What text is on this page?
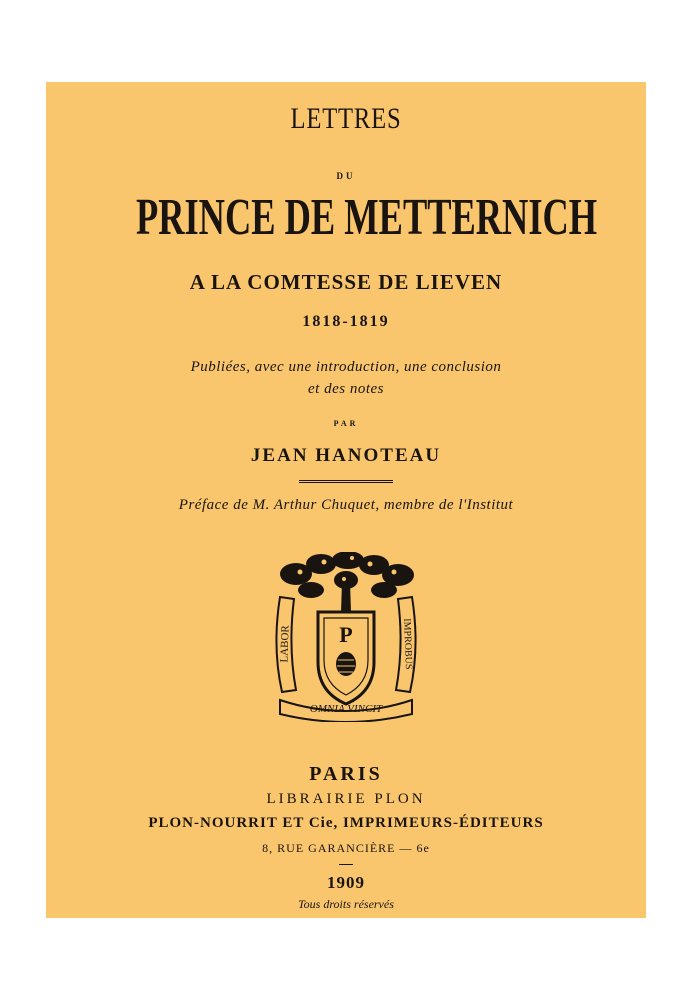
LETTRES
DU
PRINCE DE METTERNICH
A LA COMTESSE DE LIEVEN
1818-1819
Publiées, avec une introduction, une conclusion
et des notes
PAR
JEAN HANOTEAU
Préface de M. Arthur Chuquet, membre de l'Institut
P
LABOR	IMPROBUS
OMNIA VINCIT
PARIS
LIBRAIRIE PLON
PLON-NOURRIT ET Cie, IMPRIMEURS-ÉDITEURS
8, RUE GARANCIÈRE — 6e
1909
Tous droits réservés
